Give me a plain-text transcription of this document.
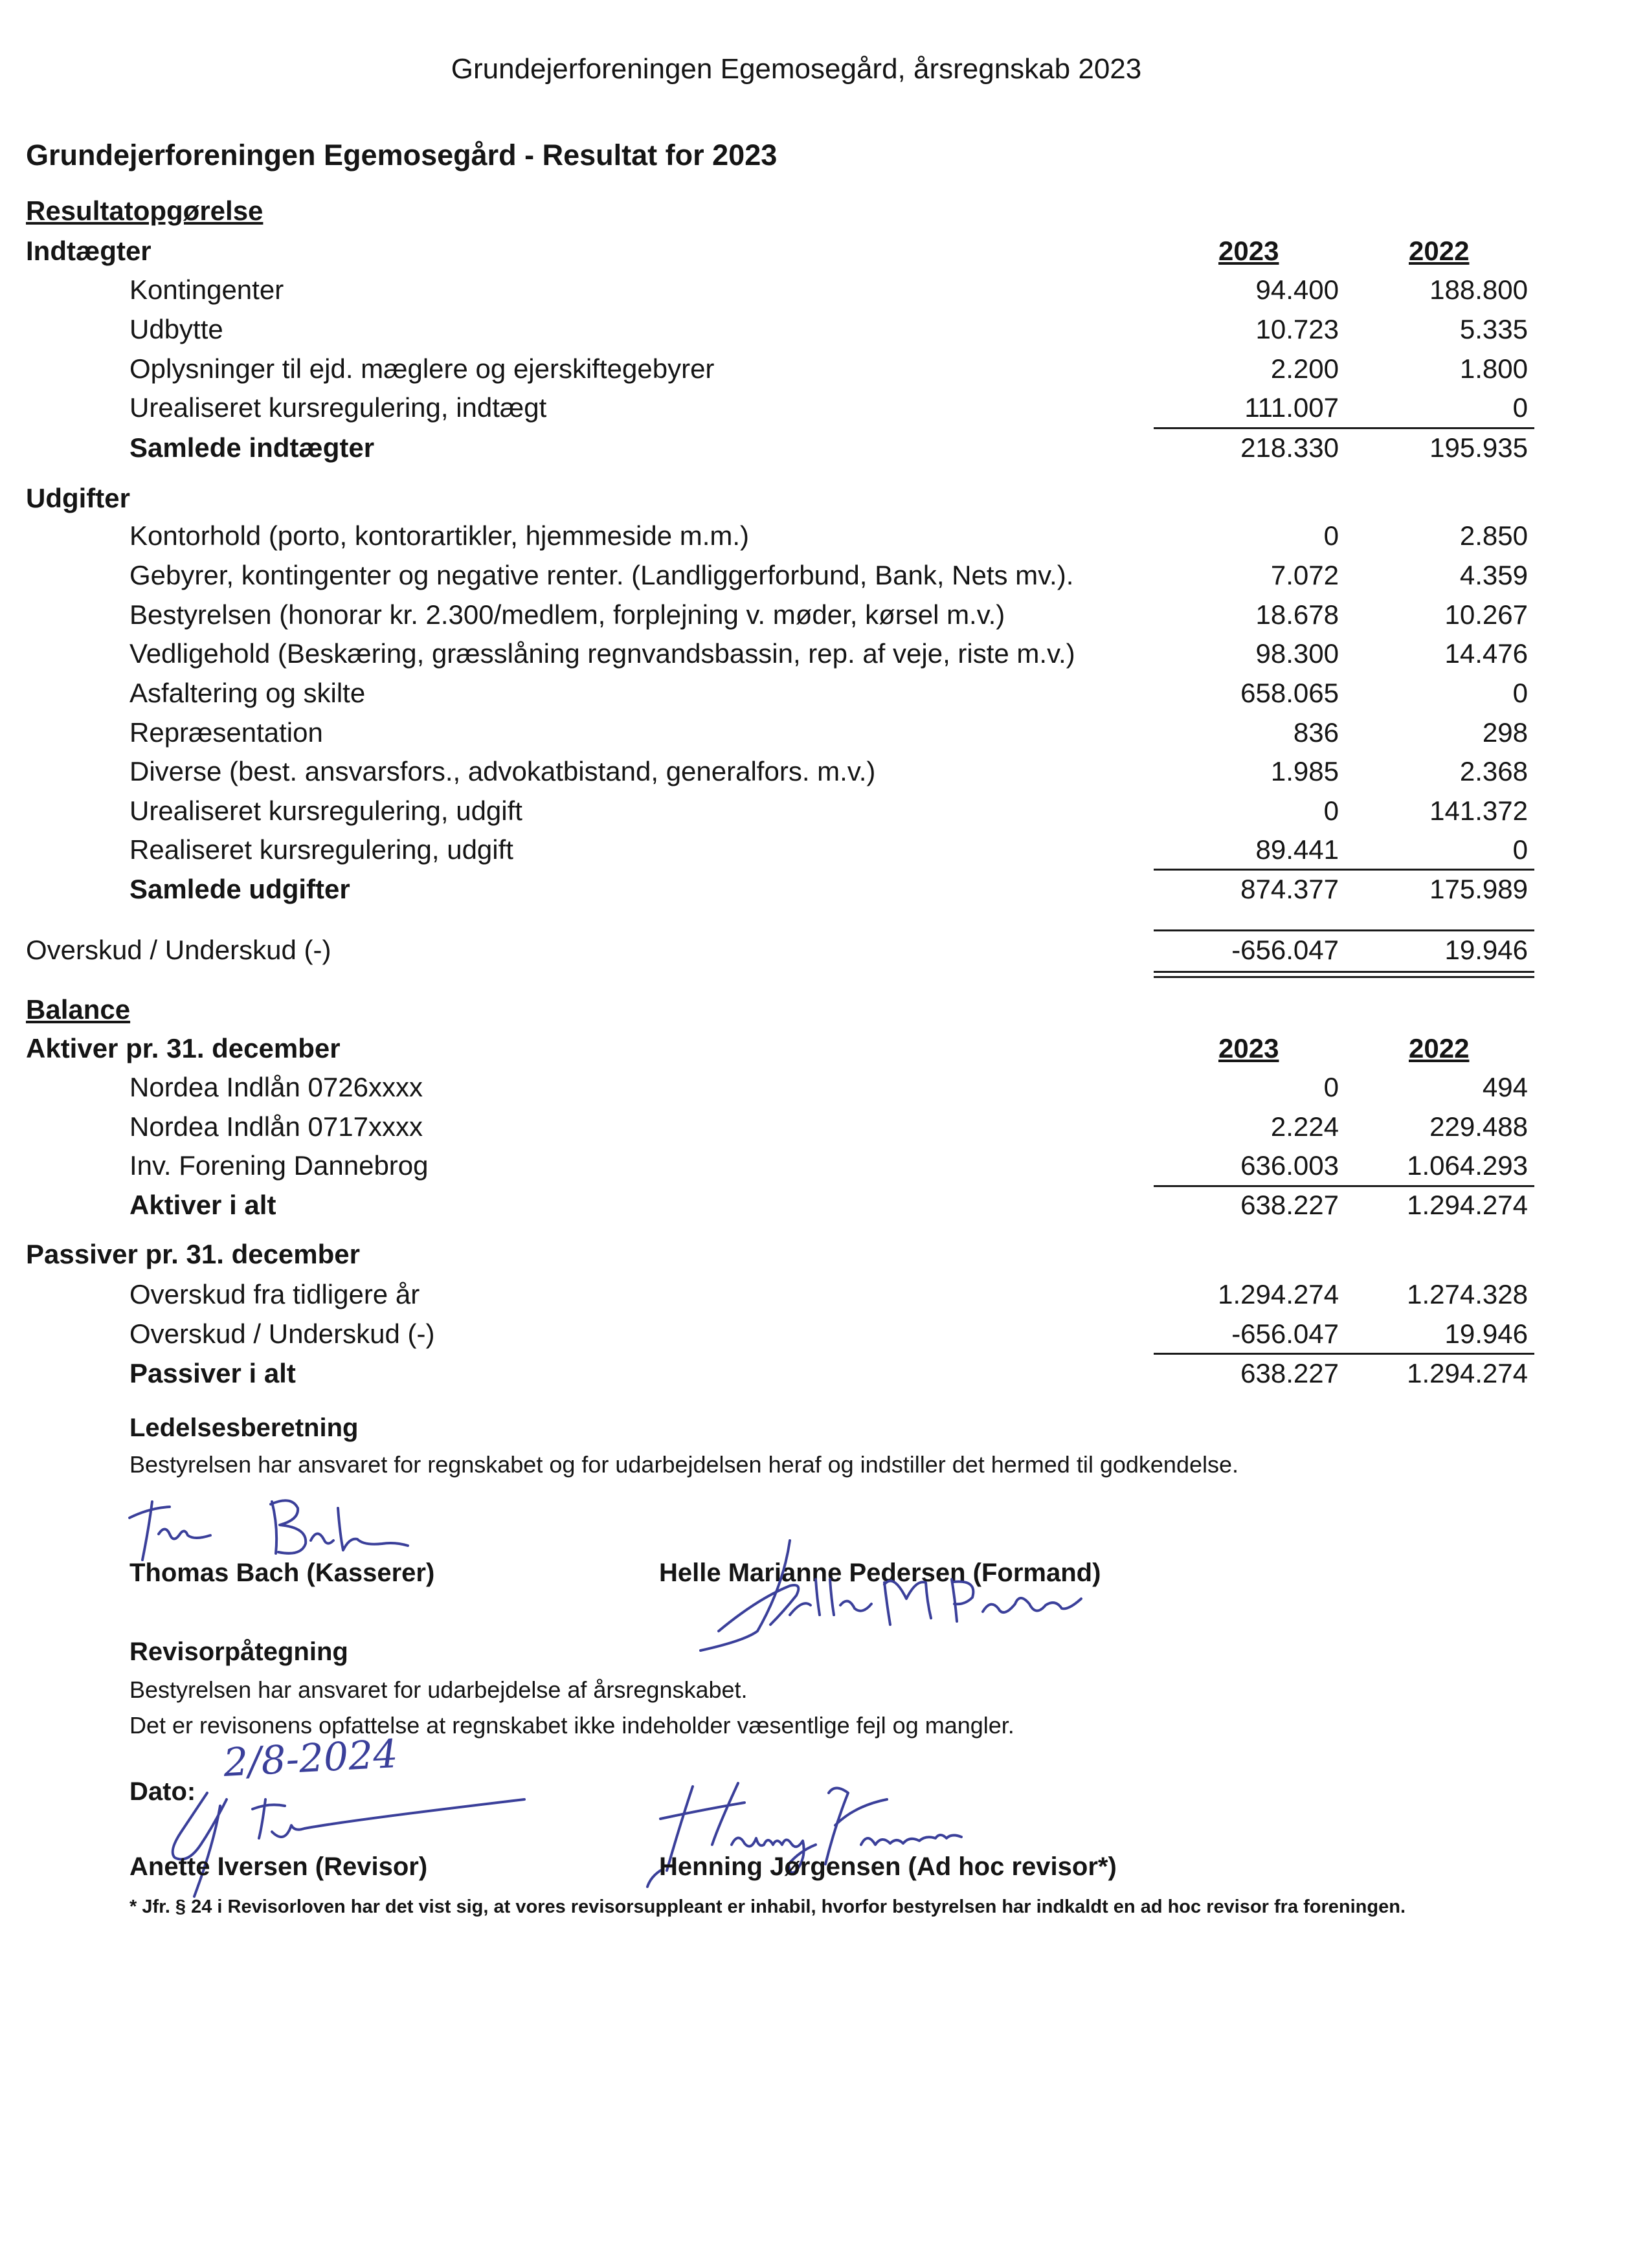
Grundejerforeningen Egemosegård, årsregnskab 2023
Grundejerforeningen Egemosegård - Resultat for 2023
Resultatopgørelse
Indtægter	2023	2022
Kontingenter	94.400	188.800
Udbytte	10.723	5.335
Oplysninger til ejd. mæglere og ejerskiftegebyrer	2.200	1.800
Urealiseret kursregulering, indtægt	111.007	0
Samlede indtægter	218.330	195.935
Udgifter
Kontorhold (porto, kontorartikler, hjemmeside m.m.)	0	2.850
Gebyrer, kontingenter og negative renter. (Landliggerforbund, Bank, Nets mv.).	7.072	4.359
Bestyrelsen (honorar kr. 2.300/medlem, forplejning v. møder, kørsel m.v.)	18.678	10.267
Vedligehold (Beskæring, græsslåning regnvandsbassin, rep. af veje, riste m.v.)	98.300	14.476
Asfaltering og skilte	658.065	0
Repræsentation	836	298
Diverse (best. ansvarsfors., advokatbistand, generalfors. m.v.)	1.985	2.368
Urealiseret kursregulering, udgift	0	141.372
Realiseret kursregulering, udgift	89.441	0
Samlede udgifter	874.377	175.989
Overskud / Underskud (-)	-656.047	19.946
Balance
Aktiver pr. 31. december	2023	2022
Nordea Indlån 0726xxxx	0	494
Nordea Indlån 0717xxxx	2.224	229.488
Inv. Forening Dannebrog	636.003	1.064.293
Aktiver i alt	638.227	1.294.274
Passiver pr. 31. december
Overskud fra tidligere år	1.294.274	1.274.328
Overskud / Underskud (-)	-656.047	19.946
Passiver i alt	638.227	1.294.274
Ledelsesberetning
Bestyrelsen har ansvaret for regnskabet og for udarbejdelsen heraf og indstiller det hermed til godkendelse.
Thomas Bach (Kasserer)	Helle Marianne Pedersen (Formand)
Revisorpåtegning
Bestyrelsen har ansvaret for udarbejdelse af årsregnskabet.
Det er revisonens opfattelse at regnskabet ikke indeholder væsentlige fejl og mangler.
Dato:
2/8-2024
Anette Iversen (Revisor)	Henning Jørgensen (Ad hoc revisor*)
* Jfr. § 24 i Revisorloven har det vist sig, at vores revisorsuppleant er inhabil, hvorfor bestyrelsen har indkaldt en ad hoc revisor fra foreningen.
